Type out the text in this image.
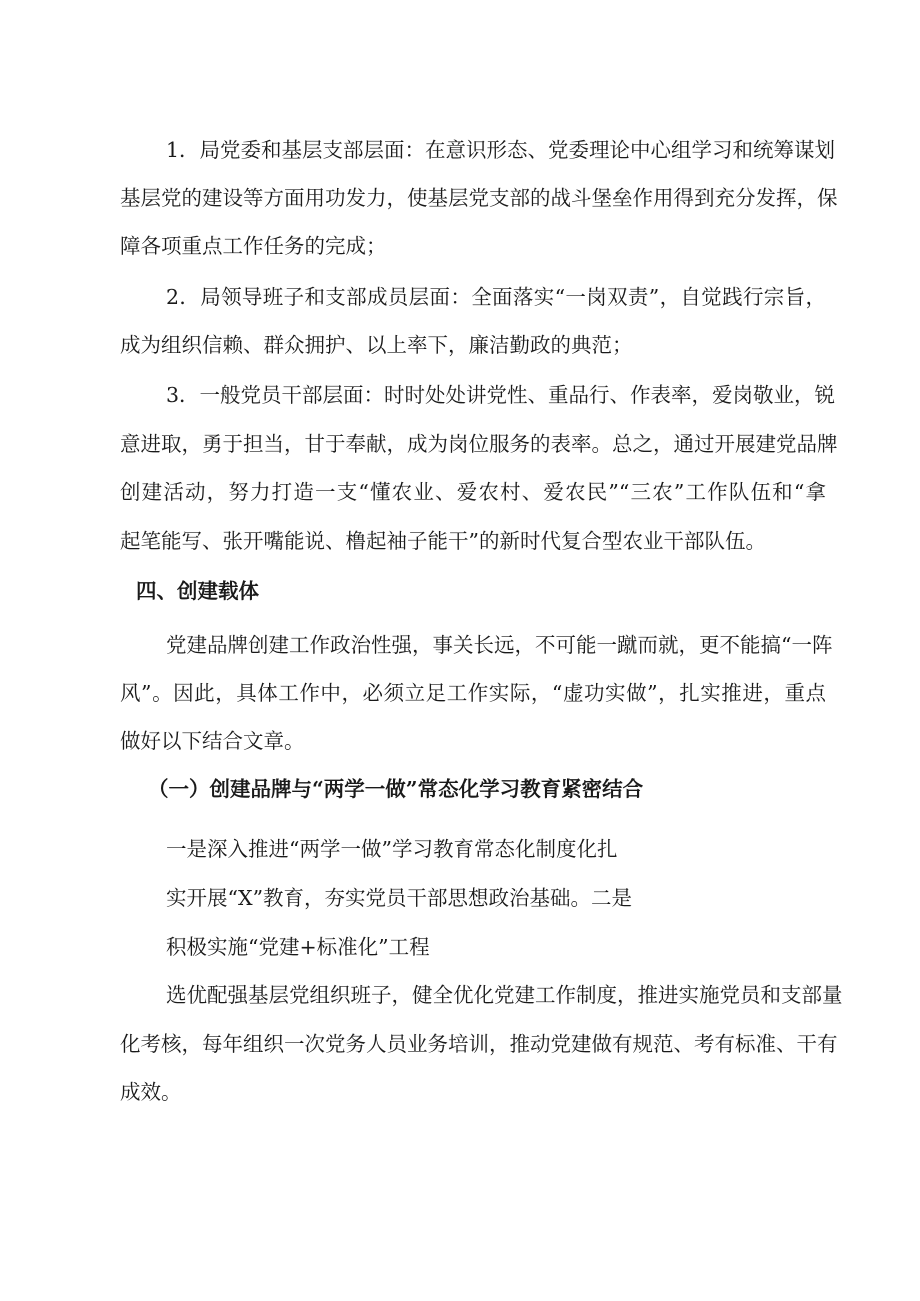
1．局党委和基层支部层面：在意识形态、党委理论中心组学习和统筹谋划

基层党的建设等方面用功发力，使基层党支部的战斗堡垒作用得到充分发挥，保

障各项重点工作任务的完成；

2．局领导班子和支部成员层面：全面落实“一岗双责”，自觉践行宗旨，

成为组织信赖、群众拥护、以上率下，廉洁勤政的典范；

3．一般党员干部层面：时时处处讲党性、重品行、作表率，爱岗敬业，锐

意进取，勇于担当，甘于奉献，成为岗位服务的表率。总之，通过开展建党品牌

创建活动，努力打造一支“懂农业、爱农村、爱农民”“三农”工作队伍和“拿

起笔能写、张开嘴能说、橹起袖子能干”的新时代复合型农业干部队伍。

四、创建载体

党建品牌创建工作政治性强，事关长远，不可能一蹴而就，更不能搞“一阵

风”。因此，具体工作中，必须立足工作实际，“虚功实做”，扎实推进，重点

做好以下结合文章。

（一）创建品牌与“两学一做”常态化学习教育紧密结合

一是深入推进“两学一做”学习教育常态化制度化扎

实开展“X”教育，夯实党员干部思想政治基础。二是

积极实施“党建+标准化”工程

选优配强基层党组织班子，健全优化党建工作制度，推进实施党员和支部量

化考核，每年组织一次党务人员业务培训，推动党建做有规范、考有标准、干有

成效。
